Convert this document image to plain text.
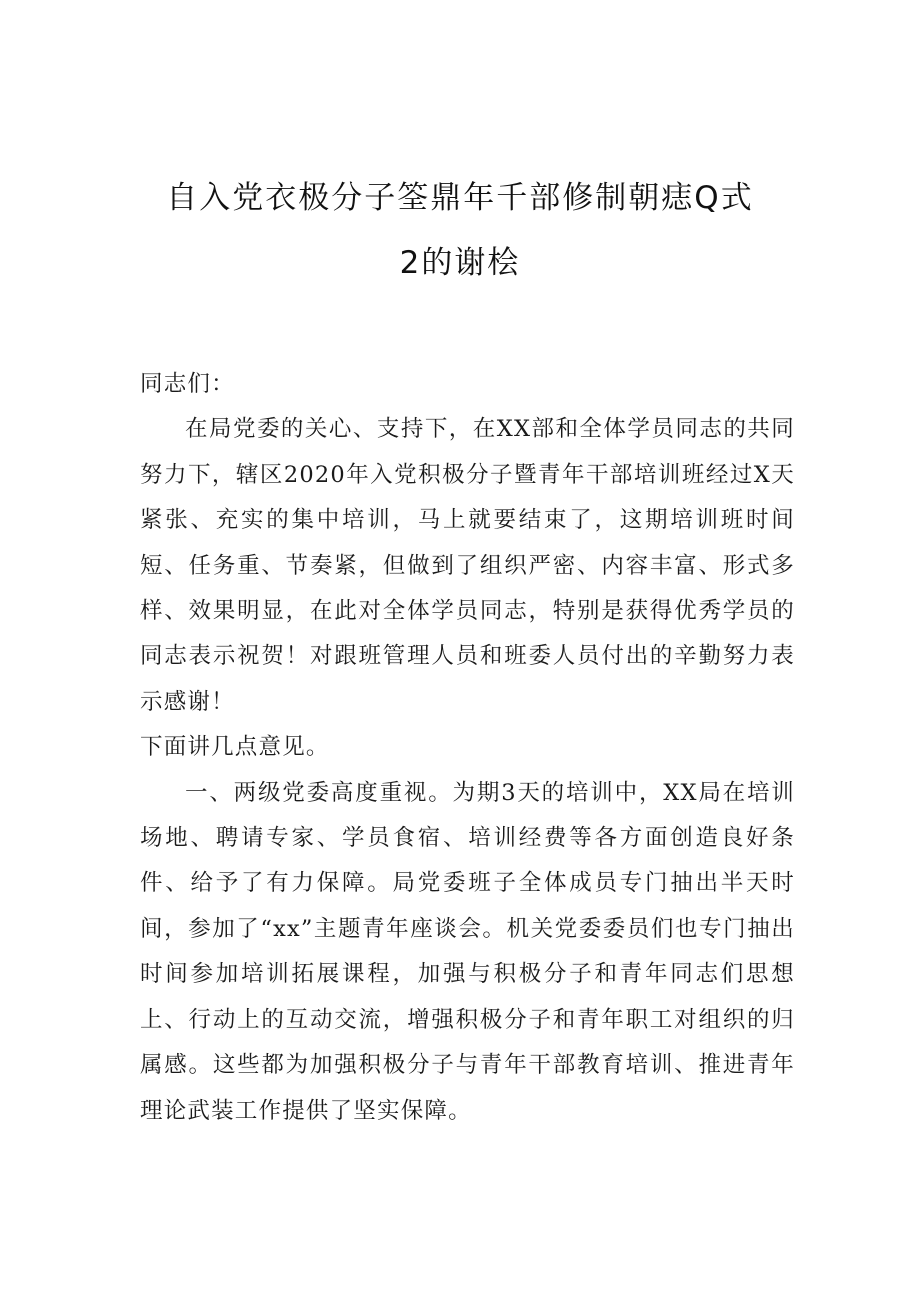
自入党衣极分子筌鼎年千部修制朝痣Q式
2的谢桧

同志们：

在局党委的关心、支持下，在XX部和全体学员同志的共同努力下，辖区2020年入党积极分子暨青年干部培训班经过X天紧张、充实的集中培训，马上就要结束了，这期培训班时间短、任务重、节奏紧，但做到了组织严密、内容丰富、形式多样、效果明显，在此对全体学员同志，特别是获得优秀学员的同志表示祝贺！对跟班管理人员和班委人员付出的辛勤努力表示感谢！

下面讲几点意见。

一、两级党委高度重视。为期3天的培训中，XX局在培训场地、聘请专家、学员食宿、培训经费等各方面创造良好条件、给予了有力保障。局党委班子全体成员专门抽出半天时间，参加了“xx”主题青年座谈会。机关党委委员们也专门抽出时间参加培训拓展课程，加强与积极分子和青年同志们思想上、行动上的互动交流，增强积极分子和青年职工对组织的归属感。这些都为加强积极分子与青年干部教育培训、推进青年理论武装工作提供了坚实保障。
